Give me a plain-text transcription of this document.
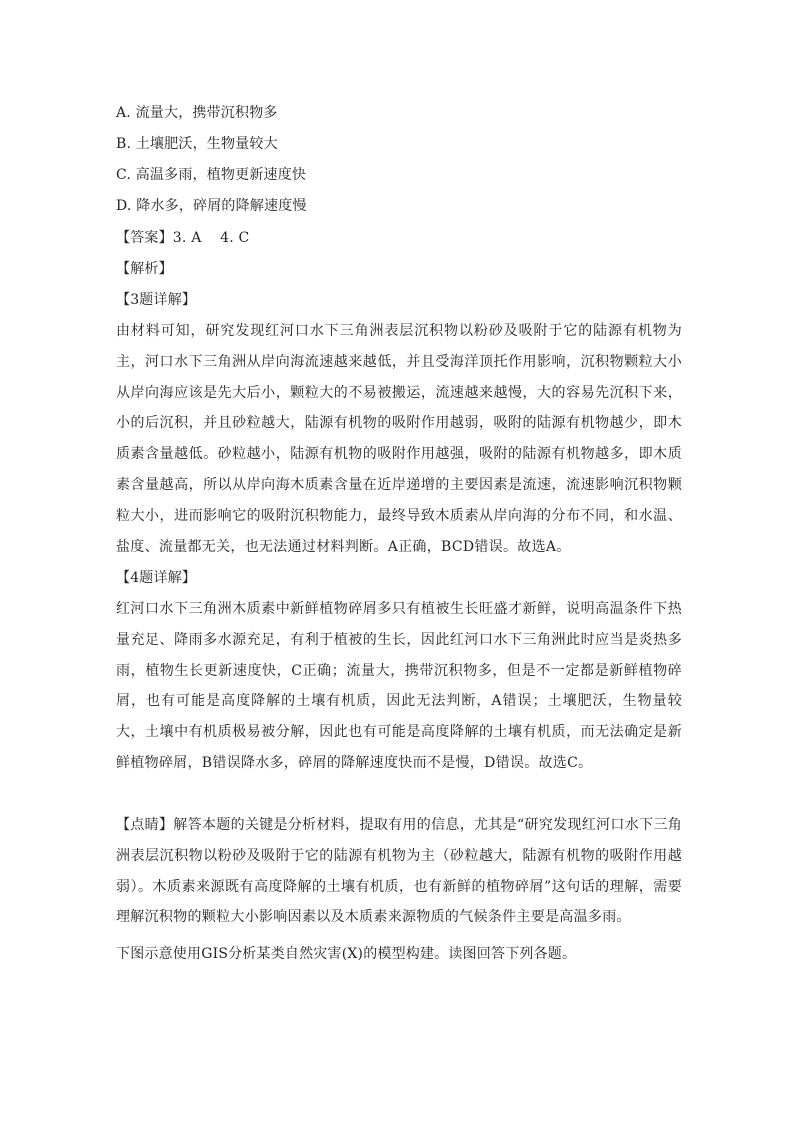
A. 流量大，携带沉积物多
B. 土壤肥沃，生物量较大
C. 高温多雨，植物更新速度快
D. 降水多，碎屑的降解速度慢
【答案】3. A    4. C
【解析】
【3题详解】
由材料可知，研究发现红河口水下三角洲表层沉积物以粉砂及吸附于它的陆源有机物为主，河口水下三角洲从岸向海流速越来越低，并且受海洋顶托作用影响，沉积物颗粒大小从岸向海应该是先大后小，颗粒大的不易被搬运，流速越来越慢，大的容易先沉积下来，小的后沉积，并且砂粒越大，陆源有机物的吸附作用越弱，吸附的陆源有机物越少，即木质素含量越低。砂粒越小，陆源有机物的吸附作用越强，吸附的陆源有机物越多，即木质素含量越高，所以从岸向海木质素含量在近岸递增的主要因素是流速，流速影响沉积物颗粒大小，进而影响它的吸附沉积物能力，最终导致木质素从岸向海的分布不同，和水温、盐度、流量都无关，也无法通过材料判断。A正确，BCD错误。故选A。
【4题详解】
红河口水下三角洲木质素中新鲜植物碎屑多只有植被生长旺盛才新鲜，说明高温条件下热量充足、降雨多水源充足，有利于植被的生长，因此红河口水下三角洲此时应当是炎热多雨，植物生长更新速度快，C正确；流量大，携带沉积物多，但是不一定都是新鲜植物碎屑，也有可能是高度降解的土壤有机质，因此无法判断，A错误；土壤肥沃，生物量较大，土壤中有机质极易被分解，因此也有可能是高度降解的土壤有机质，而无法确定是新鲜植物碎屑，B错误降水多，碎屑的降解速度快而不是慢，D错误。故选C。
【点睛】解答本题的关键是分析材料，提取有用的信息，尤其是“研究发现红河口水下三角洲表层沉积物以粉砂及吸附于它的陆源有机物为主（砂粒越大，陆源有机物的吸附作用越弱）。木质素来源既有高度降解的土壤有机质，也有新鲜的植物碎屑”这句话的理解，需要理解沉积物的颗粒大小影响因素以及木质素来源物质的气候条件主要是高温多雨。
下图示意使用GIS分析某类自然灾害(X)的模型构建。读图回答下列各题。
